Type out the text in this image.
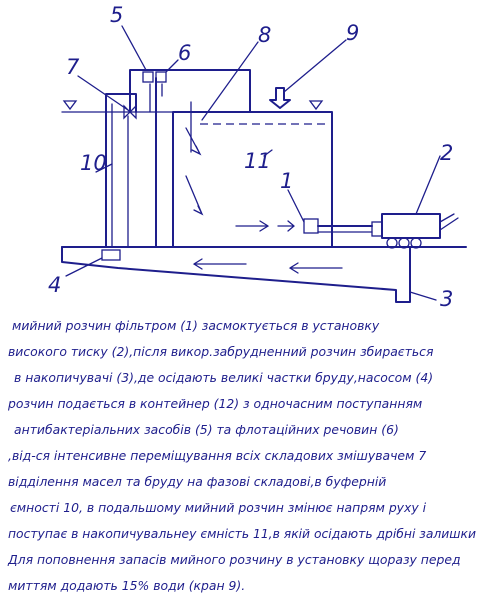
5
6
7
8	9
10	11
1
2
4
3
мийний розчин фільтром (1) засмоктується в установку
високого тиску (2),після викор.забрудненний розчин збирається
в накопичувачі (3),де осідають великі частки бруду,насосом (4)
розчин подається в контейнер (12) з одночасним поступанням
антибактеріальних засобів (5) та флотаційних речовин (6)
,від-ся інтенсивне переміщування всіх складових змішувачем 7
відділення масел та бруду на фазові складові,в буферній
ємності 10, в подальшому мийний розчин змінює напрям руху і
поступає в накопичувальнеу ємність 11,в якій осідають дрібні залишки
Для поповнення запасів мийного розчину в установку щоразу перед
миттям додають 15% води (кран 9).
